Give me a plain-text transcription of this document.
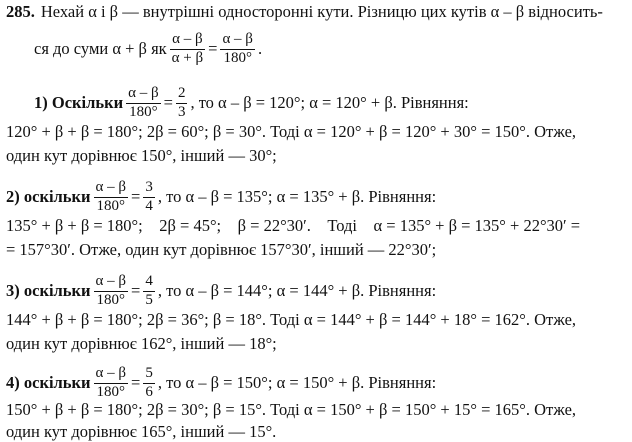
285. Нехай α і β — внутрішні односторонні кути. Різницю цих кутів α – β відносить-
ся до суми α + β як $\frac{\alpha - \beta}{\alpha + \beta} = \frac{\alpha - \beta}{180^\circ}$ .
1) Оскільки $\frac{\alpha - \beta}{180^\circ} = \frac{2}{3}$ , то α – β = 120°; α = 120° + β. Рівняння:
120° + β + β = 180°; 2β = 60°; β = 30°. Тоді α = 120° + β = 120° + 30° = 150°. Отже,
один кут дорівнює 150°, інший — 30°;
2) оскільки $\frac{\alpha - \beta}{180^\circ} = \frac{3}{4}$ , то α – β = 135°; α = 135° + β. Рівняння:
135° + β + β = 180°;    2β = 45°;    β = 22°30′.    Тоді    α = 135° + β = 135° + 22°30′ =
= 157°30′. Отже, один кут дорівнює 157°30′, інший — 22°30′;
3) оскільки $\frac{\alpha - \beta}{180^\circ} = \frac{4}{5}$ , то α – β = 144°; α = 144° + β. Рівняння:
144° + β + β = 180°; 2β = 36°; β = 18°. Тоді α = 144° + β = 144° + 18° = 162°. Отже,
один кут дорівнює 162°, інший — 18°;
4) оскільки $\frac{\alpha - \beta}{180^\circ} = \frac{5}{6}$ , то α – β = 150°; α = 150° + β. Рівняння:
150° + β + β = 180°; 2β = 30°; β = 15°. Тоді α = 150° + β = 150° + 15° = 165°. Отже,
один кут дорівнює 165°, інший — 15°.
